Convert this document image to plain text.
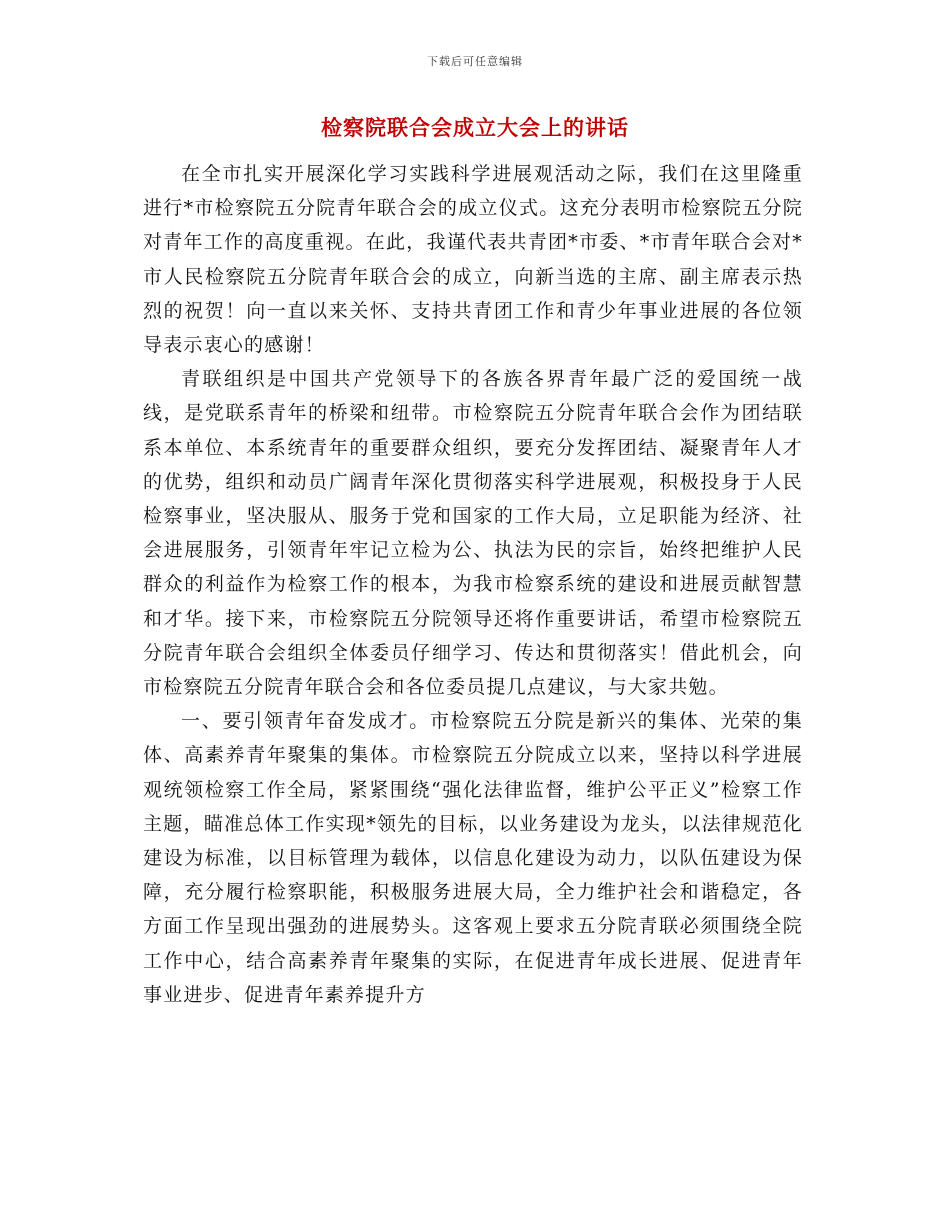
下载后可任意编辑
检察院联合会成立大会上的讲话

在全市扎实开展深化学习实践科学进展观活动之际，我们在这里隆重进行*市检察院五分院青年联合会的成立仪式。这充分表明市检察院五分院对青年工作的高度重视。在此，我谨代表共青团*市委、*市青年联合会对*市人民检察院五分院青年联合会的成立，向新当选的主席、副主席表示热烈的祝贺！向一直以来关怀、支持共青团工作和青少年事业进展的各位领导表示衷心的感谢！

青联组织是中国共产党领导下的各族各界青年最广泛的爱国统一战线，是党联系青年的桥梁和纽带。市检察院五分院青年联合会作为团结联系本单位、本系统青年的重要群众组织，要充分发挥团结、凝聚青年人才的优势，组织和动员广阔青年深化贯彻落实科学进展观，积极投身于人民检察事业，坚决服从、服务于党和国家的工作大局，立足职能为经济、社会进展服务，引领青年牢记立检为公、执法为民的宗旨，始终把维护人民群众的利益作为检察工作的根本，为我市检察系统的建设和进展贡献智慧和才华。接下来，市检察院五分院领导还将作重要讲话，希望市检察院五分院青年联合会组织全体委员仔细学习、传达和贯彻落实！借此机会，向市检察院五分院青年联合会和各位委员提几点建议，与大家共勉。

一、要引领青年奋发成才。市检察院五分院是新兴的集体、光荣的集体、高素养青年聚集的集体。市检察院五分院成立以来，坚持以科学进展观统领检察工作全局，紧紧围绕“强化法律监督，维护公平正义”检察工作主题，瞄准总体工作实现*领先的目标，以业务建设为龙头，以法律规范化建设为标准，以目标管理为载体，以信息化建设为动力，以队伍建设为保障，充分履行检察职能，积极服务进展大局，全力维护社会和谐稳定，各方面工作呈现出强劲的进展势头。这客观上要求五分院青联必须围绕全院工作中心，结合高素养青年聚集的实际，在促进青年成长进展、促进青年事业进步、促进青年素养提升方
